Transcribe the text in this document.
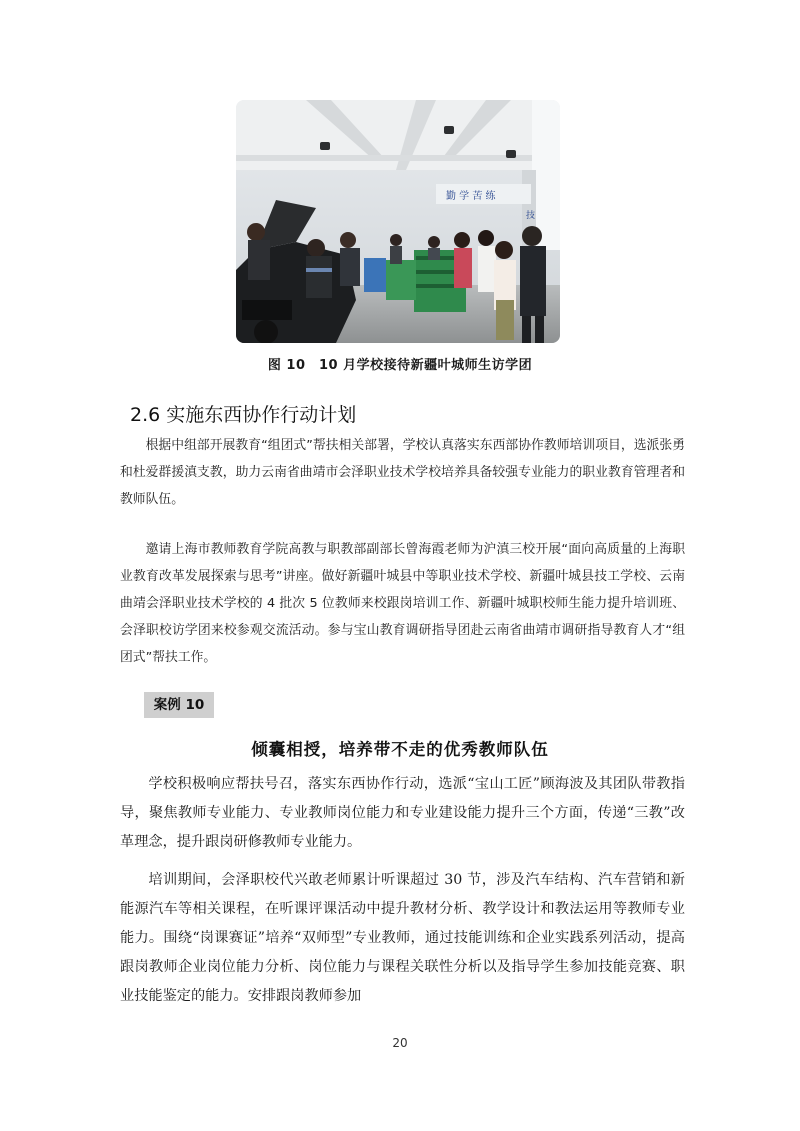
勤 学 苦 练
技
图 10　10 月学校接待新疆叶城师生访学团
2.6 实施东西协作行动计划

根据中组部开展教育“组团式”帮扶相关部署，学校认真落实东西部协作教师培训项目，选派张勇和杜爱群援滇支教，助力云南省曲靖市会泽职业技术学校培养具备较强专业能力的职业教育管理者和教师队伍。

邀请上海市教师教育学院高教与职教部副部长曾海霞老师为沪滇三校开展“面向高质量的上海职业教育改革发展探索与思考”讲座。做好新疆叶城县中等职业技术学校、新疆叶城县技工学校、云南曲靖会泽职业技术学校的 4 批次 5 位教师来校跟岗培训工作、新疆叶城职校师生能力提升培训班、会泽职校访学团来校参观交流活动。参与宝山教育调研指导团赴云南省曲靖市调研指导教育人才“组团式”帮扶工作。

案例 10
倾囊相授，培养带不走的优秀教师队伍

学校积极响应帮扶号召，落实东西协作行动，选派“宝山工匠”顾海波及其团队带教指导，聚焦教师专业能力、专业教师岗位能力和专业建设能力提升三个方面，传递“三教”改革理念，提升跟岗研修教师专业能力。

培训期间，会泽职校代兴敢老师累计听课超过 30 节，涉及汽车结构、汽车营销和新能源汽车等相关课程，在听课评课活动中提升教材分析、教学设计和教法运用等教师专业能力。围绕“岗课赛证”培养“双师型”专业教师，通过技能训练和企业实践系列活动，提高跟岗教师企业岗位能力分析、岗位能力与课程关联性分析以及指导学生参加技能竞赛、职业技能鉴定的能力。安排跟岗教师参加

20
